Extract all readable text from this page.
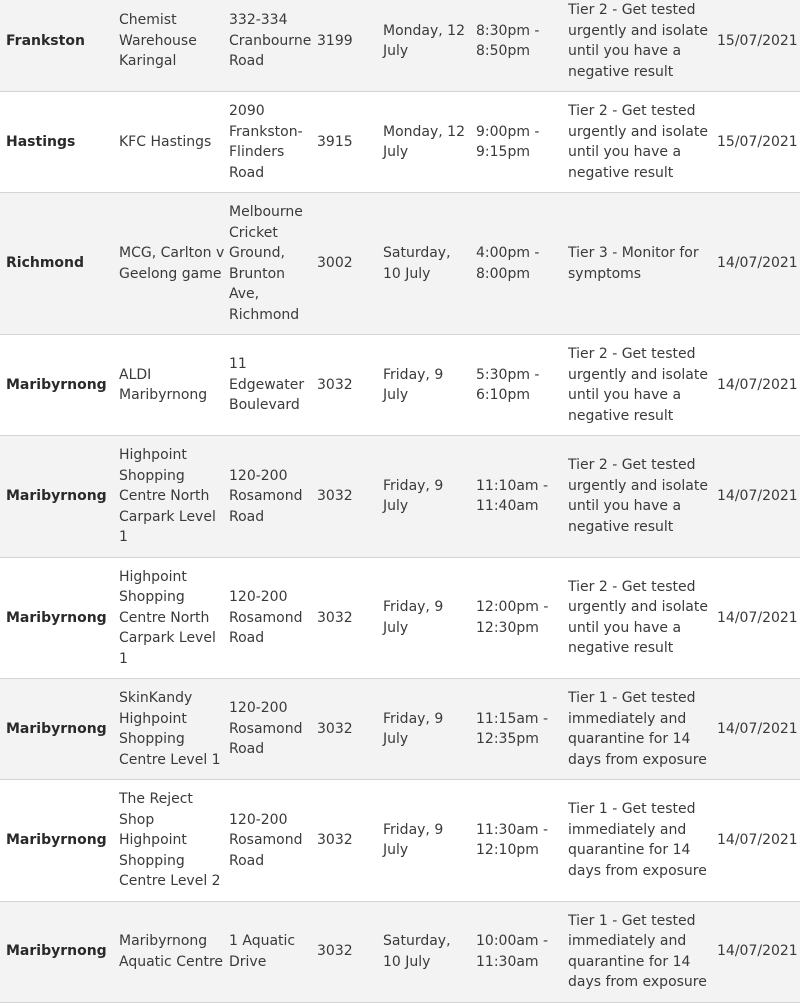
Frankston	Chemist Warehouse Karingal	332-334 Cranbourne Road	3199	Monday, 12 July	8:30pm - 8:50pm	Tier 2 - Get tested urgently and isolate until you have a negative result	15/07/2021
Hastings	KFC Hastings	2090 Frankston-Flinders Road	3915	Monday, 12 July	9:00pm - 9:15pm	Tier 2 - Get tested urgently and isolate until you have a negative result	15/07/2021
Richmond	MCG, Carlton v Geelong game	Melbourne Cricket Ground, Brunton Ave, Richmond	3002	Saturday, 10 July	4:00pm - 8:00pm	Tier 3 - Monitor for symptoms	14/07/2021
Maribyrnong	ALDI Maribyrnong	11 Edgewater Boulevard	3032	Friday, 9 July	5:30pm - 6:10pm	Tier 2 - Get tested urgently and isolate until you have a negative result	14/07/2021
Maribyrnong	Highpoint Shopping Centre North Carpark Level 1	120-200 Rosamond Road	3032	Friday, 9 July	11:10am - 11:40am	Tier 2 - Get tested urgently and isolate until you have a negative result	14/07/2021
Maribyrnong	Highpoint Shopping Centre North Carpark Level 1	120-200 Rosamond Road	3032	Friday, 9 July	12:00pm - 12:30pm	Tier 2 - Get tested urgently and isolate until you have a negative result	14/07/2021
Maribyrnong	SkinKandy Highpoint Shopping Centre Level 1	120-200 Rosamond Road	3032	Friday, 9 July	11:15am - 12:35pm	Tier 1 - Get tested immediately and quarantine for 14 days from exposure	14/07/2021
Maribyrnong	The Reject Shop Highpoint Shopping Centre Level 2	120-200 Rosamond Road	3032	Friday, 9 July	11:30am - 12:10pm	Tier 1 - Get tested immediately and quarantine for 14 days from exposure	14/07/2021
Maribyrnong	Maribyrnong Aquatic Centre	1 Aquatic Drive	3032	Saturday, 10 July	10:00am - 11:30am	Tier 1 - Get tested immediately and quarantine for 14 days from exposure	14/07/2021
